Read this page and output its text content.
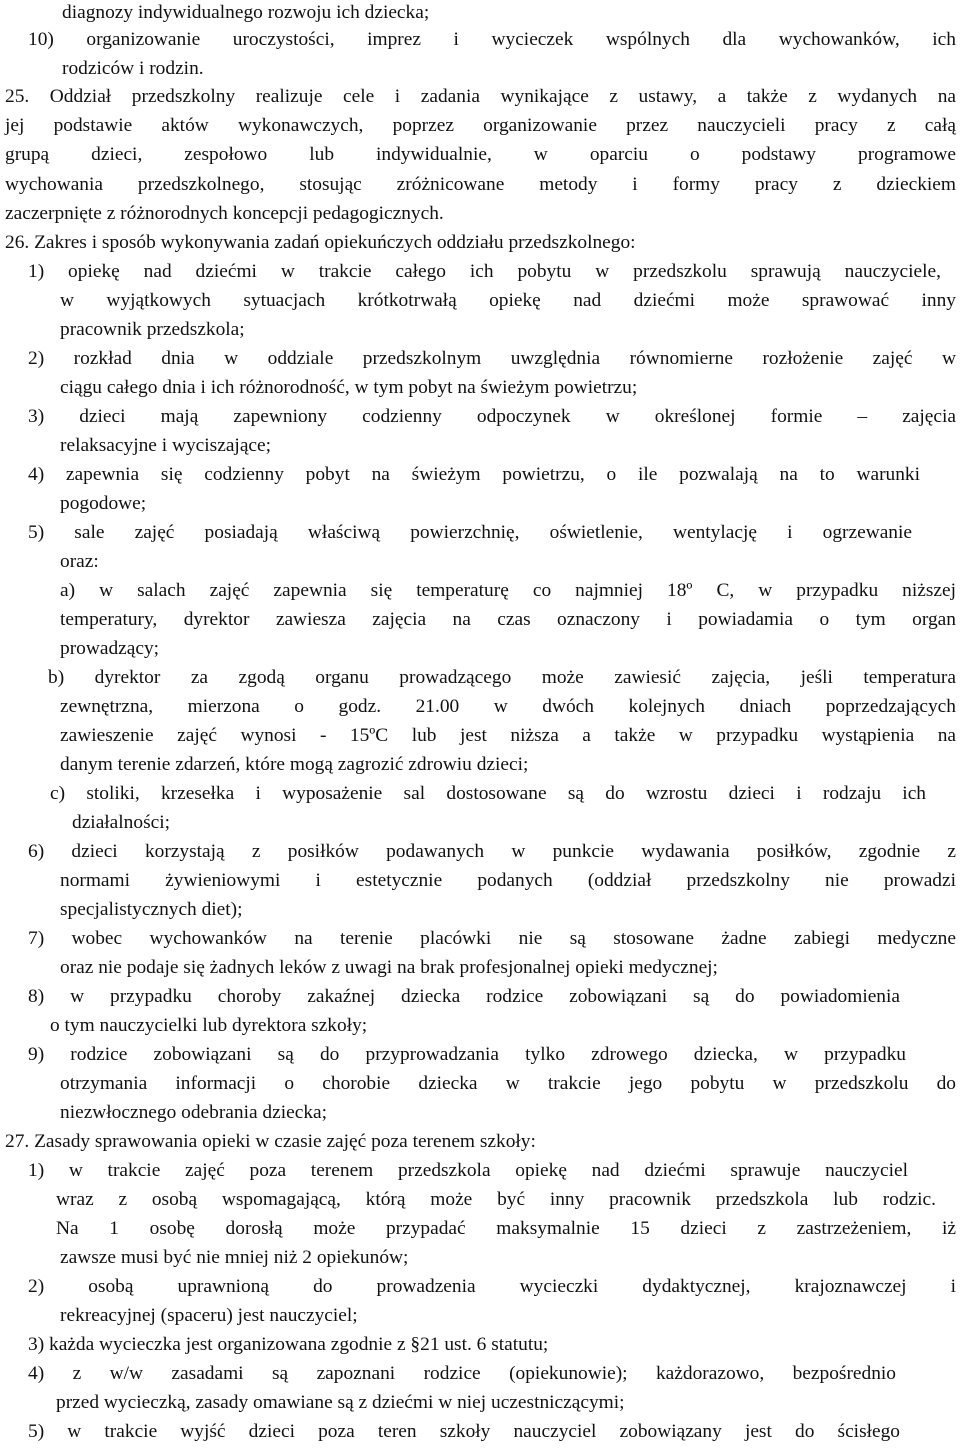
diagnozy indywidualnego rozwoju ich dziecka;
10) organizowanie uroczystości, imprez i wycieczek wspólnych dla wychowanków, ich
rodziców i rodzin.
25. Oddział przedszkolny realizuje cele i zadania wynikające z ustawy, a także z wydanych na
jej podstawie aktów wykonawczych, poprzez organizowanie przez nauczycieli pracy z całą
grupą dzieci, zespołowo lub indywidualnie, w oparciu o podstawy programowe
wychowania przedszkolnego, stosując zróżnicowane metody i formy pracy z dzieckiem
zaczerpnięte z różnorodnych koncepcji pedagogicznych.
26. Zakres i sposób wykonywania zadań opiekuńczych oddziału przedszkolnego:
1) opiekę nad dziećmi w trakcie całego ich pobytu w przedszkolu sprawują nauczyciele,
w wyjątkowych sytuacjach krótkotrwałą opiekę nad dziećmi może sprawować inny
pracownik przedszkola;
2) rozkład dnia w oddziale przedszkolnym uwzględnia równomierne rozłożenie zajęć w
ciągu całego dnia i ich różnorodność, w tym pobyt na świeżym powietrzu;
3) dzieci mają zapewniony codzienny odpoczynek w określonej formie – zajęcia
relaksacyjne i wyciszające;
4) zapewnia się codzienny pobyt na świeżym powietrzu, o ile pozwalają na to warunki
pogodowe;
5) sale zajęć posiadają właściwą powierzchnię, oświetlenie, wentylację i ogrzewanie
oraz:
a) w salach zajęć zapewnia się temperaturę co najmniej 18º C, w przypadku niższej
temperatury, dyrektor zawiesza zajęcia na czas oznaczony i powiadamia o tym organ
prowadzący;
b) dyrektor za zgodą organu prowadzącego może zawiesić zajęcia, jeśli temperatura
zewnętrzna, mierzona o godz. 21.00 w dwóch kolejnych dniach poprzedzających
zawieszenie zajęć wynosi - 15ºC lub jest niższa a także w przypadku wystąpienia na
danym terenie zdarzeń, które mogą zagrozić zdrowiu dzieci;
c) stoliki, krzesełka i wyposażenie sal dostosowane są do wzrostu dzieci i rodzaju ich
działalności;
6) dzieci korzystają z posiłków podawanych w punkcie wydawania posiłków, zgodnie z
normami żywieniowymi i estetycznie podanych (oddział przedszkolny nie prowadzi
specjalistycznych diet);
7) wobec wychowanków na terenie placówki nie są stosowane żadne zabiegi medyczne
oraz nie podaje się żadnych leków z uwagi na brak profesjonalnej opieki medycznej;
8) w przypadku choroby zakaźnej dziecka rodzice zobowiązani są do powiadomienia
o tym nauczycielki lub dyrektora szkoły;
9) rodzice zobowiązani są do przyprowadzania tylko zdrowego dziecka, w przypadku
otrzymania informacji o chorobie dziecka w trakcie jego pobytu w przedszkolu do
niezwłocznego odebrania dziecka;
27. Zasady sprawowania opieki w czasie zajęć poza terenem szkoły:
1) w trakcie zajęć poza terenem przedszkola opiekę nad dziećmi sprawuje nauczyciel
wraz z osobą wspomagającą, którą może być inny pracownik przedszkola lub rodzic.
Na 1 osobę dorosłą może przypadać maksymalnie 15 dzieci z zastrzeżeniem, iż
zawsze musi być nie mniej niż 2 opiekunów;
2) osobą uprawnioną do prowadzenia wycieczki dydaktycznej, krajoznawczej i
rekreacyjnej (spaceru) jest nauczyciel;
3) każda wycieczka jest organizowana zgodnie z §21 ust. 6 statutu;
4) z w/w zasadami są zapoznani rodzice (opiekunowie); każdorazowo, bezpośrednio
przed wycieczką, zasady omawiane są z dziećmi w niej uczestniczącymi;
5) w trakcie wyjść dzieci poza teren szkoły nauczyciel zobowiązany jest do ścisłego
